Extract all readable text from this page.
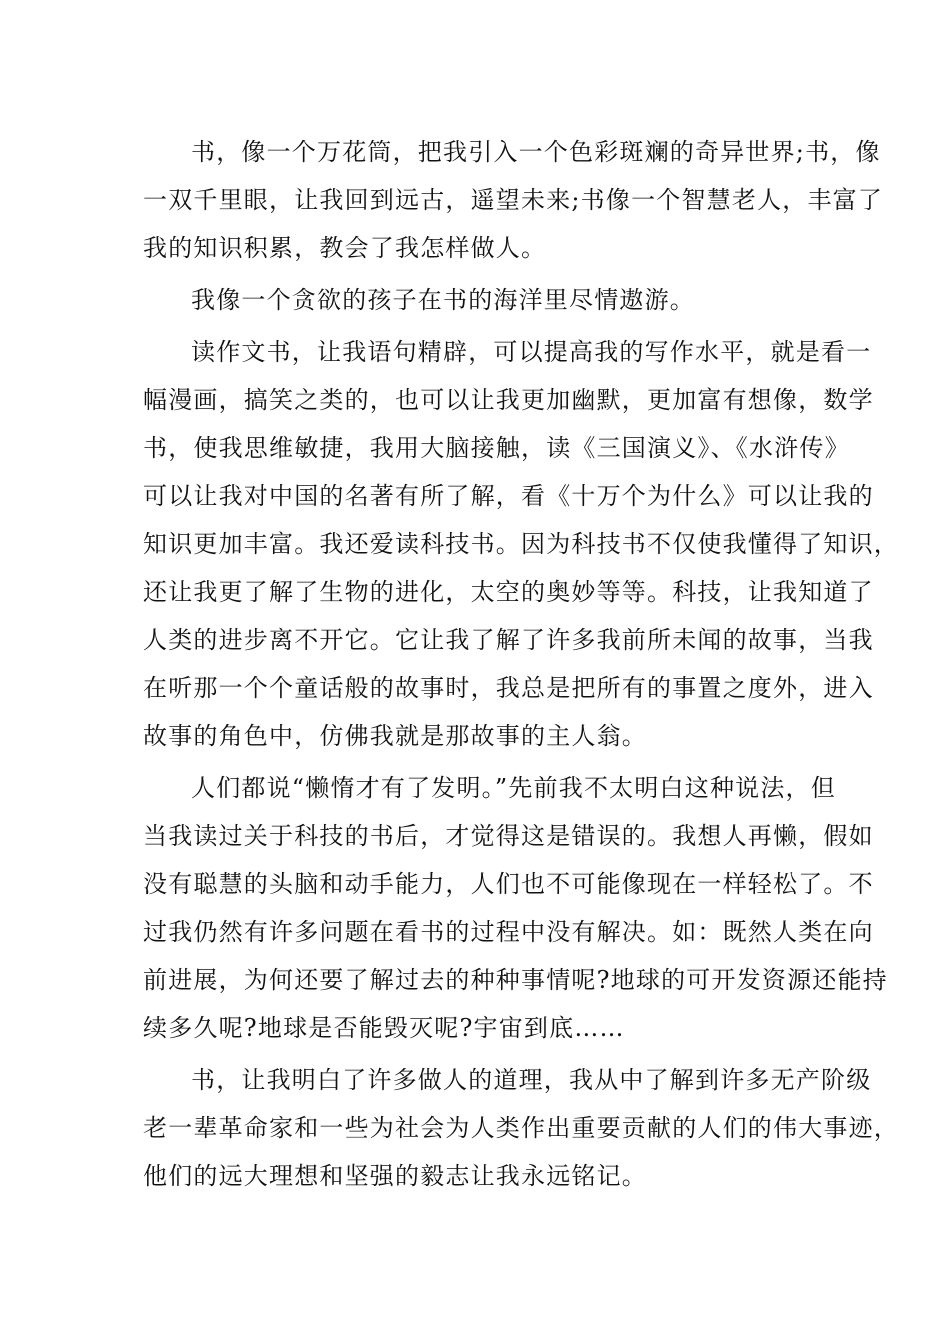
书，像一个万花筒，把我引入一个色彩斑斓的奇异世界;书，像
一双千里眼，让我回到远古，遥望未来;书像一个智慧老人，丰富了
我的知识积累，教会了我怎样做人。
我像一个贪欲的孩子在书的海洋里尽情遨游。
读作文书，让我语句精辟，可以提高我的写作水平，就是看一
幅漫画，搞笑之类的，也可以让我更加幽默，更加富有想像，数学
书，使我思维敏捷，我用大脑接触，读《三国演义》、《水浒传》
可以让我对中国的名著有所了解，看《十万个为什么》可以让我的
知识更加丰富。我还爱读科技书。因为科技书不仅使我懂得了知识，
还让我更了解了生物的进化，太空的奥妙等等。科技，让我知道了
人类的进步离不开它。它让我了解了许多我前所未闻的故事，当我
在听那一个个童话般的故事时，我总是把所有的事置之度外，进入
故事的角色中，仿佛我就是那故事的主人翁。
人们都说“懒惰才有了发明。”先前我不太明白这种说法，但
当我读过关于科技的书后，才觉得这是错误的。我想人再懒，假如
没有聪慧的头脑和动手能力，人们也不可能像现在一样轻松了。不
过我仍然有许多问题在看书的过程中没有解决。如：既然人类在向
前进展，为何还要了解过去的种种事情呢?地球的可开发资源还能持
续多久呢?地球是否能毁灭呢?宇宙到底……
书，让我明白了许多做人的道理，我从中了解到许多无产阶级
老一辈革命家和一些为社会为人类作出重要贡献的人们的伟大事迹，
他们的远大理想和坚强的毅志让我永远铭记。
